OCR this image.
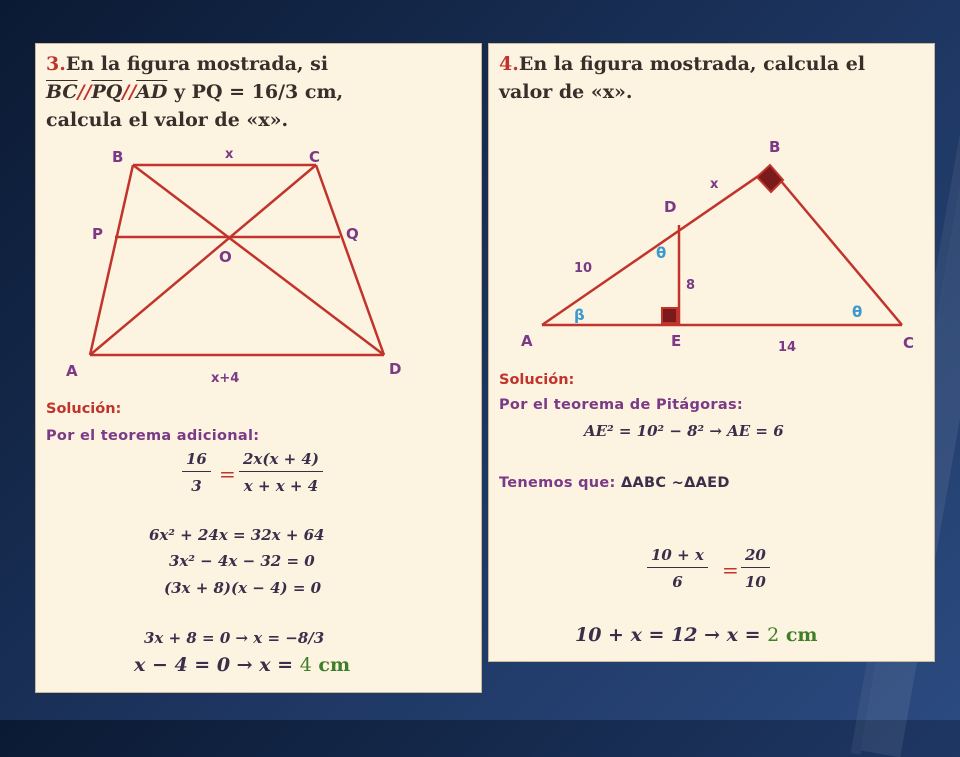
3.En la figura mostrada, si
$\overline{BC}//\overline{PQ}//\overline{AD}$ y PQ = 16/3 cm,
calcula el valor de «x».
B	C
P	Q
O
A	D
x
x+4
Solución:
Por el teorema adicional:
$\frac{16}{3} = \frac{2x(x + 4)}{x + x + 4}$
6x² + 24x = 32x + 64
3x² − 4x − 32 = 0
(3x + 8)(x − 4) = 0
3x + 8 = 0 → x = −8/3
x − 4 = 0 → x = 4 cm
4.En la figura mostrada, calcula el
valor de «x».
B
D
A	E	C
x
10
8
14
θ
θ
β
Solución:
Por el teorema de Pitágoras:
AE² = 10² − 8² → AE = 6
Tenemos que: ΔABC ~ΔAED
$\frac{10 + x}{6} = \frac{20}{10}$
10 + x = 12 → x = 2 cm
